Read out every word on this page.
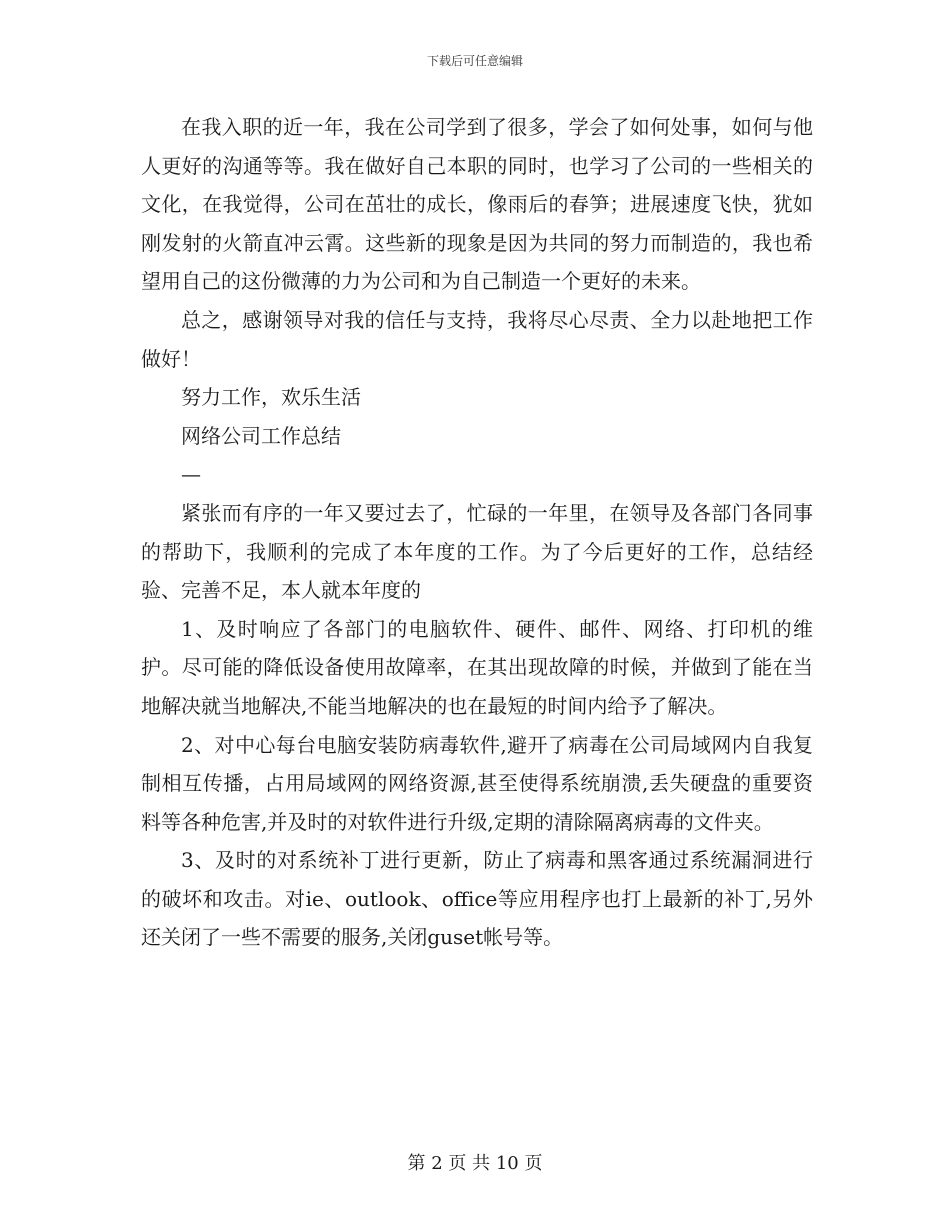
下载后可任意编辑

在我入职的近一年，我在公司学到了很多，学会了如何处事，如何与他人更好的沟通等等。我在做好自己本职的同时，也学习了公司的一些相关的文化，在我觉得，公司在茁壮的成长，像雨后的春笋；进展速度飞快，犹如刚发射的火箭直冲云霄。这些新的现象是因为共同的努力而制造的，我也希望用自己的这份微薄的力为公司和为自己制造一个更好的未来。

总之，感谢领导对我的信任与支持，我将尽心尽责、全力以赴地把工作做好！

努力工作，欢乐生活

网络公司工作总结

—

紧张而有序的一年又要过去了，忙碌的一年里，在领导及各部门各同事的帮助下，我顺利的完成了本年度的工作。为了今后更好的工作，总结经验、完善不足，本人就本年度的

1、及时响应了各部门的电脑软件、硬件、邮件、网络、打印机的维护。尽可能的降低设备使用故障率，在其出现故障的时候，并做到了能在当地解决就当地解决,不能当地解决的也在最短的时间内给予了解决。

2、对中心每台电脑安装防病毒软件,避开了病毒在公司局域网内自我复制相互传播，占用局域网的网络资源,甚至使得系统崩溃,丢失硬盘的重要资料等各种危害,并及时的对软件进行升级,定期的清除隔离病毒的文件夹。

3、及时的对系统补丁进行更新，防止了病毒和黑客通过系统漏洞进行的破坏和攻击。对ie、outlook、office等应用程序也打上最新的补丁,另外还关闭了一些不需要的服务,关闭guset帐号等。

第 2 页 共 10 页
